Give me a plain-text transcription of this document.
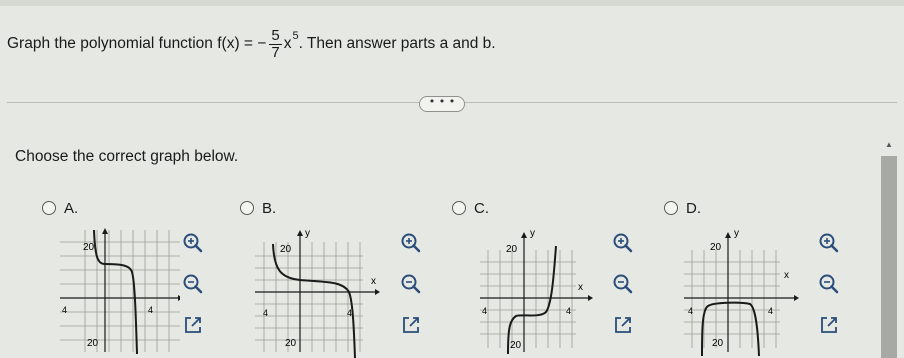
Graph the polynomial function f(x) = − $\frac{5}{7}$ x 5 . Then answer parts a and b.
• • •
Choose the correct graph below.
▲
A.	B.	C.	D.
20
4	4
20
y
x
20
4	4
20
y
x
20
4	4
20
y
x
20
4	4
20
